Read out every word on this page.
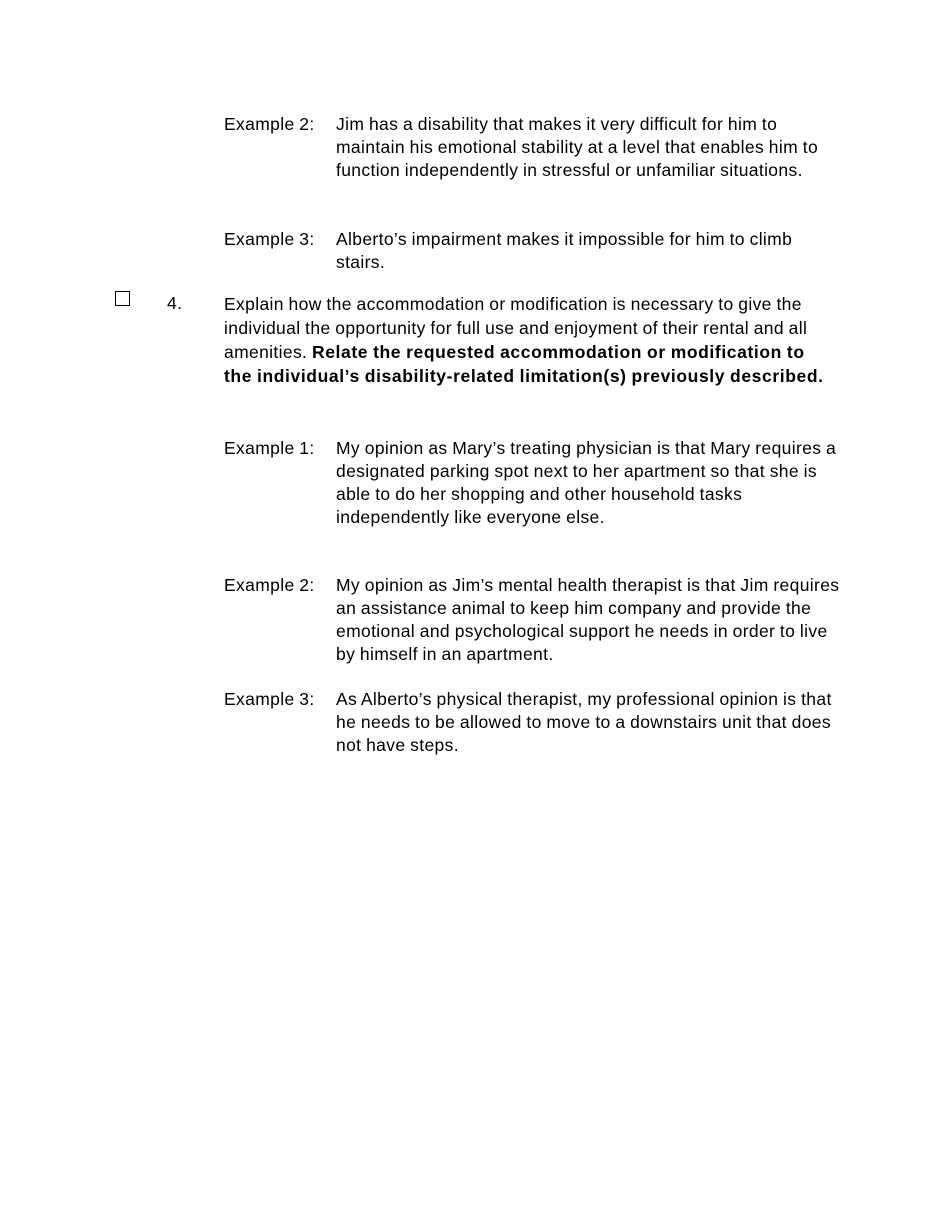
Example 2: Jim has a disability that makes it very difficult for him to maintain his emotional stability at a level that enables him to function independently in stressful or unfamiliar situations.
Example 3: Alberto’s impairment makes it impossible for him to climb stairs.
4. Explain how the accommodation or modification is necessary to give the individual the opportunity for full use and enjoyment of their rental and all amenities. Relate the requested accommodation or modification to the individual’s disability-related limitation(s) previously described.
Example 1: My opinion as Mary’s treating physician is that Mary requires a designated parking spot next to her apartment so that she is able to do her shopping and other household tasks independently like everyone else.
Example 2: My opinion as Jim’s mental health therapist is that Jim requires an assistance animal to keep him company and provide the emotional and psychological support he needs in order to live by himself in an apartment.
Example 3: As Alberto’s physical therapist, my professional opinion is that he needs to be allowed to move to a downstairs unit that does not have steps.
